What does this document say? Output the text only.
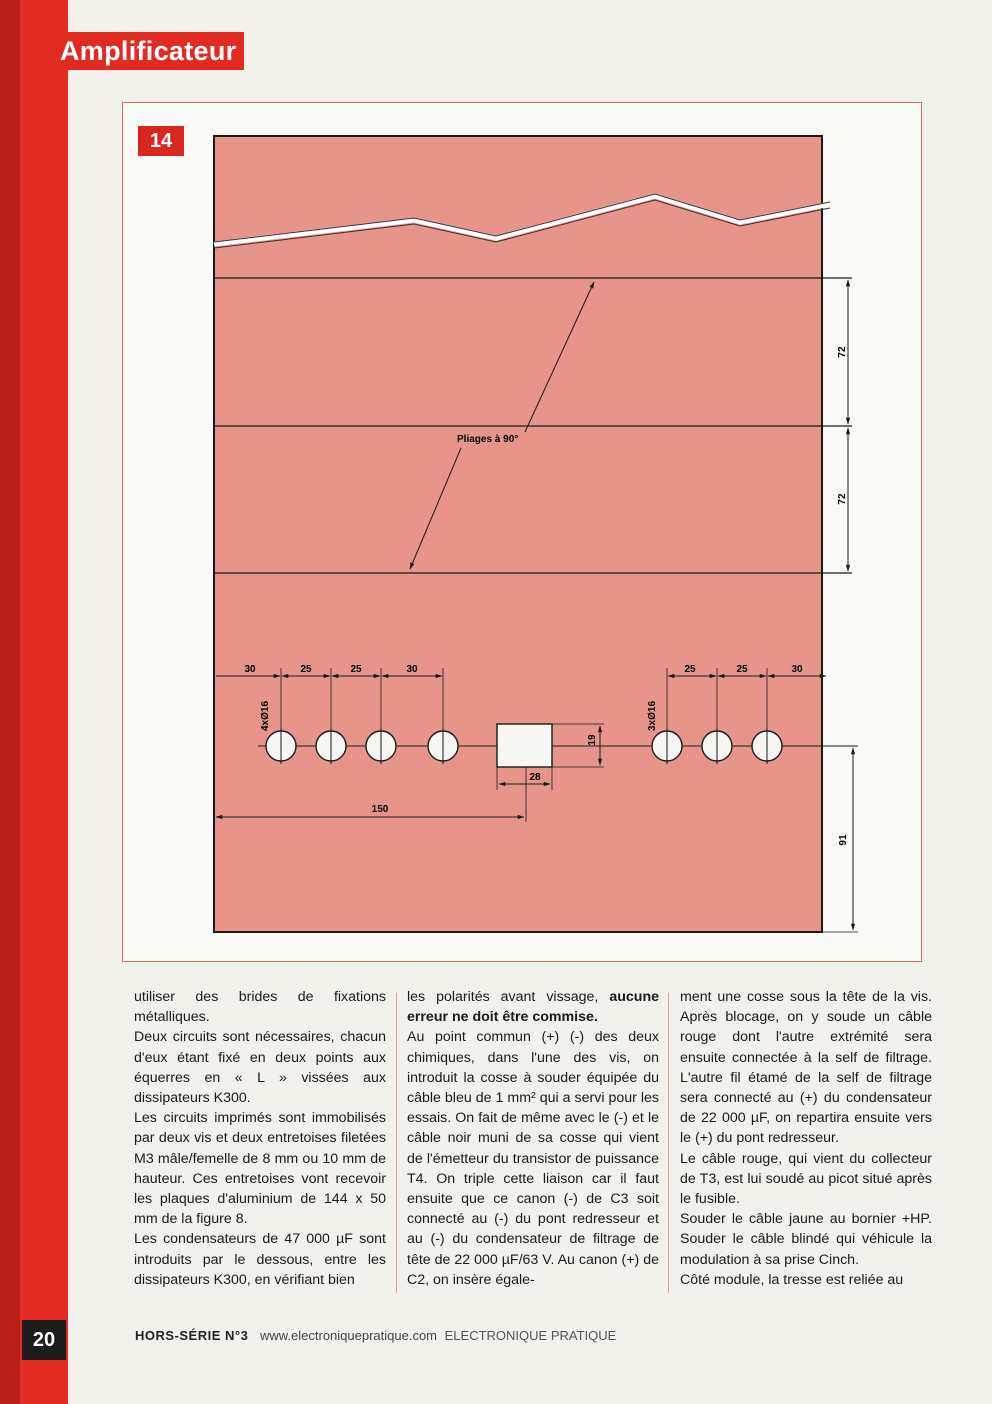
Amplificateur
14
Pliages à 90°
72
72
30	25	25	30	25	25	30
4xØ16	3xØ16
19
28
150
91

utiliser des brides de fixations métalliques.

Deux circuits sont nécessaires, chacun d'eux étant fixé en deux points aux équerres en « L » vissées aux dissipateurs K300.

Les circuits imprimés sont immobilisés par deux vis et deux entretoises filetées M3 mâle/femelle de 8 mm ou 10 mm de hauteur. Ces entretoises vont recevoir les plaques d'aluminium de 144 x 50 mm de la figure 8.

Les condensateurs de 47 000 µF sont introduits par le dessous, entre les dissipateurs K300, en vérifiant bien

les polarités avant vissage, aucune erreur ne doit être commise.

Au point commun (+) (-) des deux chimiques, dans l'une des vis, on introduit la cosse à souder équipée du câble bleu de 1 mm² qui a servi pour les essais. On fait de même avec le (-) et le câble noir muni de sa cosse qui vient de l'émetteur du transistor de puissance T4. On triple cette liaison car il faut ensuite que ce canon (-) de C3 soit connecté au (-) du pont redresseur et au (-) du condensateur de filtrage de tête de 22 000 µF/63 V. Au canon (+) de C2, on insère égale-

ment une cosse sous la tête de la vis. Après blocage, on y soude un câble rouge dont l'autre extrémité sera ensuite connectée à la self de filtrage. L'autre fil étamé de la self de filtrage sera connecté au (+) du condensateur de 22 000 µF, on repartira ensuite vers le (+) du pont redresseur.

Le câble rouge, qui vient du collecteur de T3, est lui soudé au picot situé après le fusible.

Souder le câble jaune au bornier +HP. Souder le câble blindé qui véhicule la modulation à sa prise Cinch.

Côté module, la tresse est reliée au

20	HORS-SÉRIE N°3 www.electroniquepratique.com ELECTRONIQUE PRATIQUE
